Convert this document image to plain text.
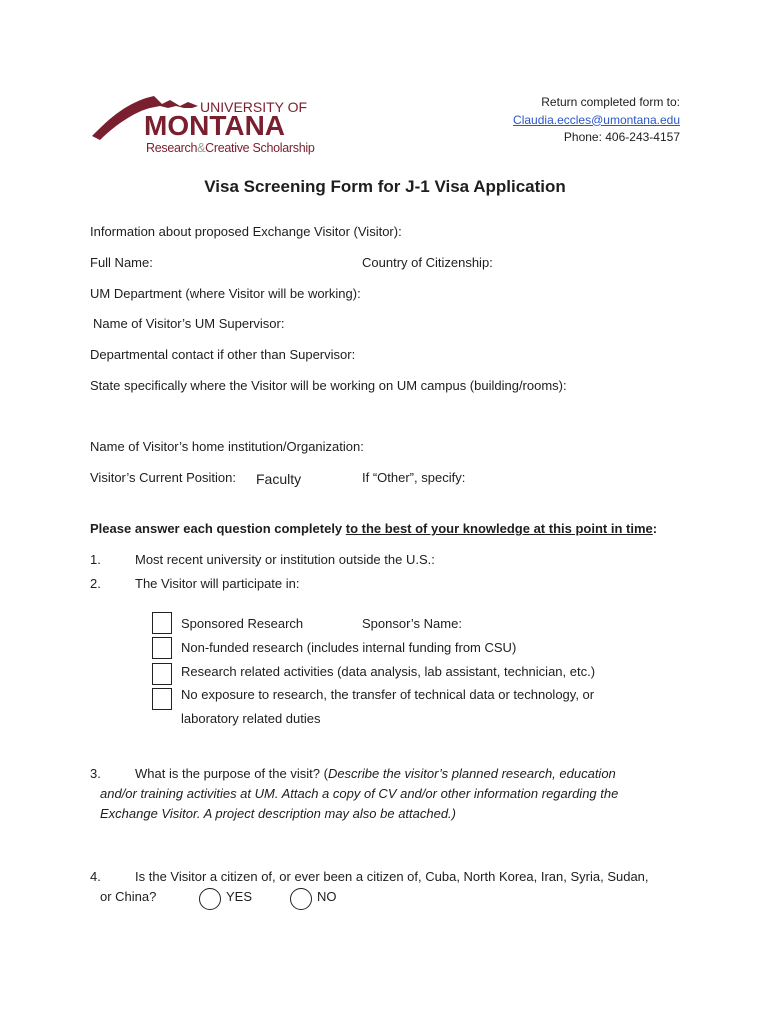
UNIVERSITY OF
MONTANA
Research&Creative Scholarship
Return completed form to:
Claudia.eccles@umontana.edu
Phone: 406-243-4157
Visa Screening Form for J-1 Visa Application
Information about proposed Exchange Visitor (Visitor):
Full Name:	Country of Citizenship:
UM Department (where Visitor will be working):
Name of Visitor’s UM Supervisor:
Departmental contact if other than Supervisor:
State specifically where the Visitor will be working on UM campus (building/rooms):
Name of Visitor’s home institution/Organization:
Visitor’s Current Position: Faculty	If “Other”, specify:
Please answer each question completely to the best of your knowledge at this point in time:
1.	Most recent university or institution outside the U.S.:
2.	The Visitor will participate in:
Sponsored Research	Sponsor’s Name:
Non-funded research (includes internal funding from CSU)
Research related activities (data analysis, lab assistant, technician, etc.)
No exposure to research, the transfer of technical data or technology, or
laboratory related duties
3.	What is the purpose of the visit? (Describe the visitor’s planned research, education
and/or training activities at UM. Attach a copy of CV and/or other information regarding the
Exchange Visitor. A project description may also be attached.)
4.	Is the Visitor a citizen of, or ever been a citizen of, Cuba, North Korea, Iran, Syria, Sudan,
or China?	YES	NO
